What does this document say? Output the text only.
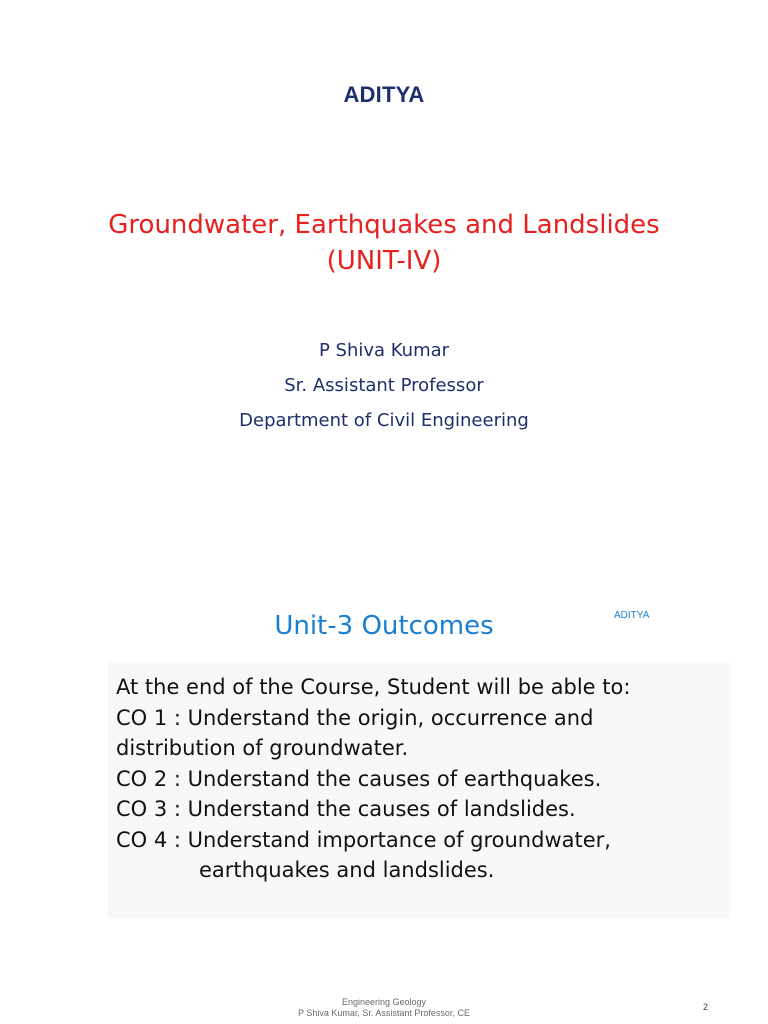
ADITYA
Groundwater, Earthquakes and Landslides
(UNIT-IV)
P Shiva Kumar
Sr. Assistant Professor
Department of Civil Engineering
Unit-3 Outcomes	ADITYA
At the end of the Course, Student will be able to:
CO 1 : Understand the origin, occurrence and
distribution of groundwater.
CO 2 : Understand the causes of earthquakes.
CO 3 : Understand the causes of landslides.
CO 4 : Understand importance of groundwater,
earthquakes and landslides.
Engineering Geology
P Shiva Kumar, Sr. Assistant Professor, CE
2
